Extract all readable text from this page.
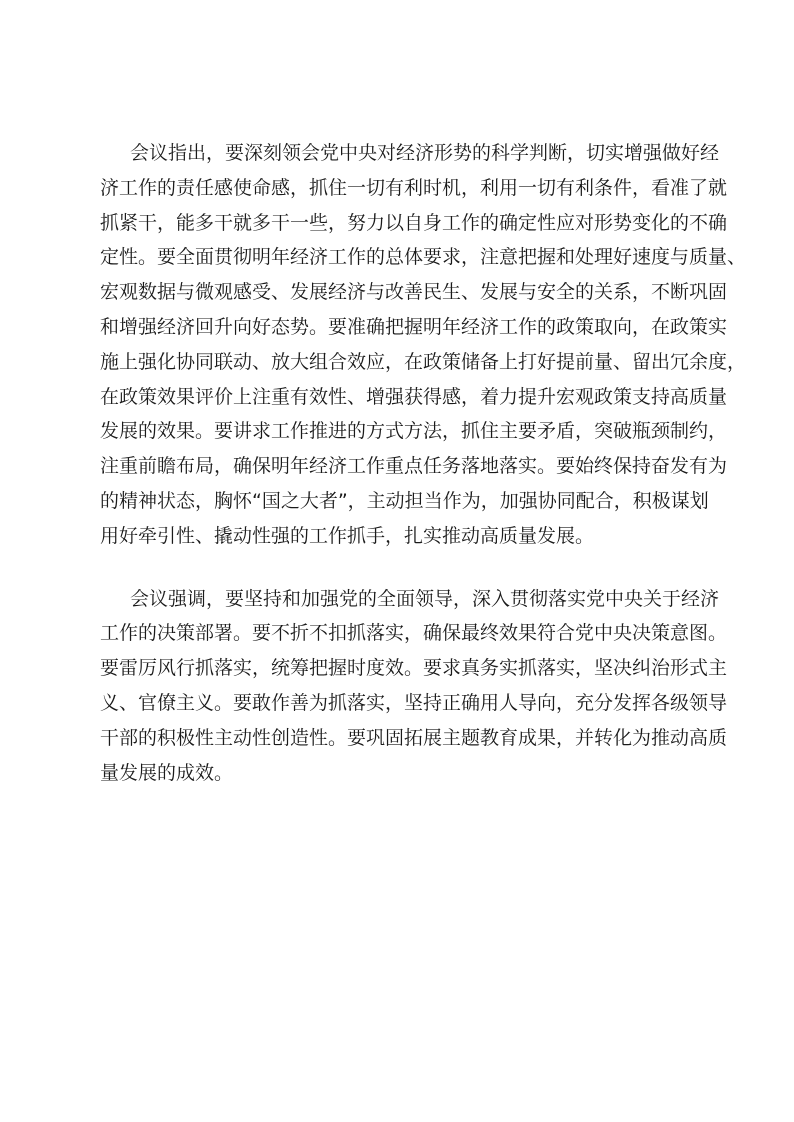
会议指出，要深刻领会党中央对经济形势的科学判断，切实增强做好经
济工作的责任感使命感，抓住一切有利时机，利用一切有利条件，看准了就
抓紧干，能多干就多干一些，努力以自身工作的确定性应对形势变化的不确
定性。要全面贯彻明年经济工作的总体要求，注意把握和处理好速度与质量、
宏观数据与微观感受、发展经济与改善民生、发展与安全的关系，不断巩固
和增强经济回升向好态势。要准确把握明年经济工作的政策取向，在政策实
施上强化协同联动、放大组合效应，在政策储备上打好提前量、留出冗余度，
在政策效果评价上注重有效性、增强获得感，着力提升宏观政策支持高质量
发展的效果。要讲求工作推进的方式方法，抓住主要矛盾，突破瓶颈制约，
注重前瞻布局，确保明年经济工作重点任务落地落实。要始终保持奋发有为
的精神状态，胸怀“国之大者”，主动担当作为，加强协同配合，积极谋划
用好牵引性、撬动性强的工作抓手，扎实推动高质量发展。
会议强调，要坚持和加强党的全面领导，深入贯彻落实党中央关于经济
工作的决策部署。要不折不扣抓落实，确保最终效果符合党中央决策意图。
要雷厉风行抓落实，统筹把握时度效。要求真务实抓落实，坚决纠治形式主
义、官僚主义。要敢作善为抓落实，坚持正确用人导向，充分发挥各级领导
干部的积极性主动性创造性。要巩固拓展主题教育成果，并转化为推动高质
量发展的成效。
